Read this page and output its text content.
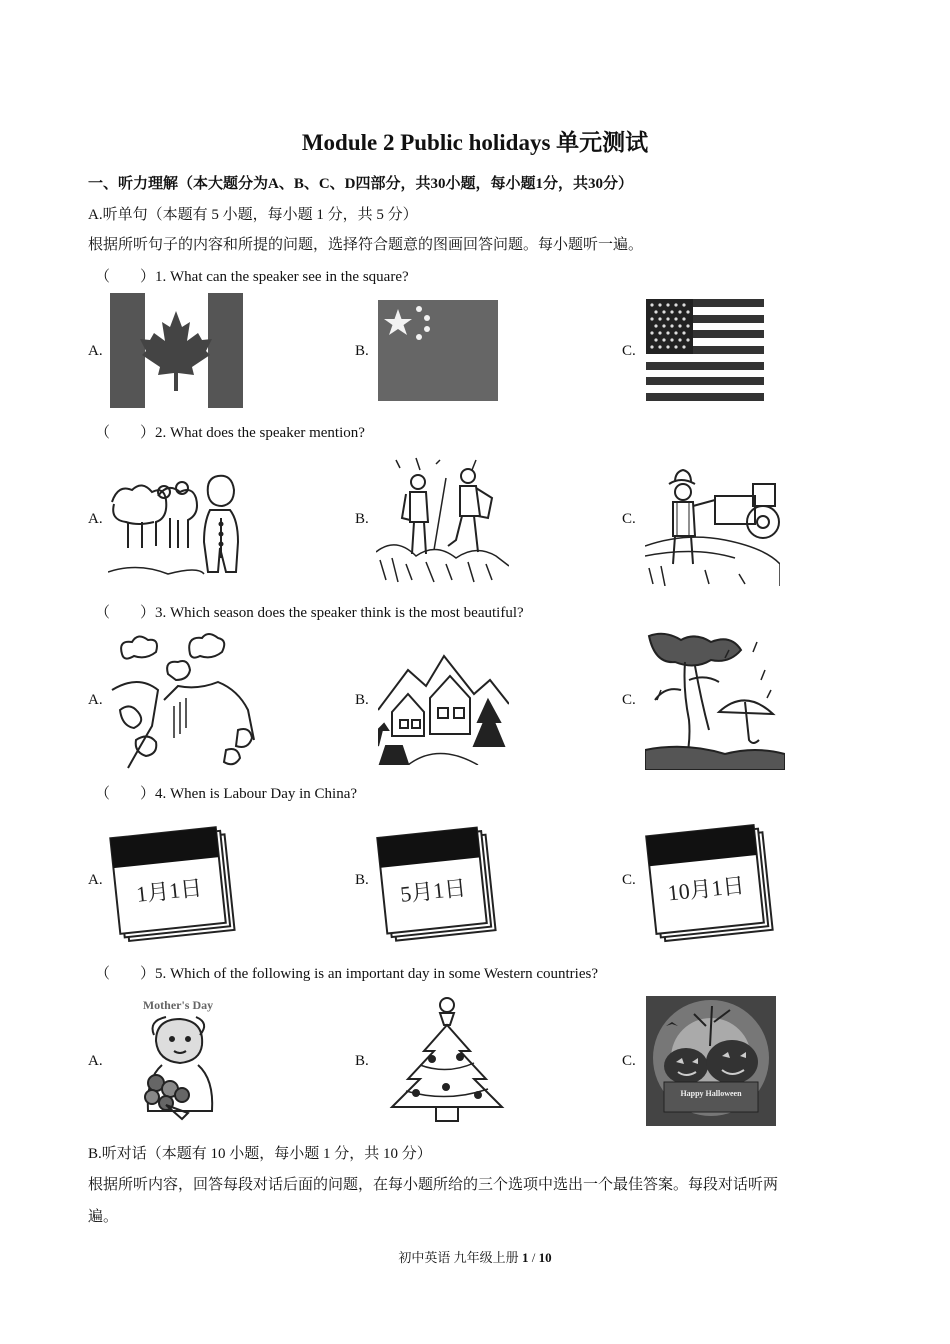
Module 2 Public holidays 单元测试
一、听力理解（本大题分为A、B、C、D四部分，共30小题，每小题1分，共30分）
A.听单句（本题有 5 小题，每小题 1 分，共 5 分）
根据所听句子的内容和所提的问题，选择符合题意的图画回答问题。每小题听一遍。
（　　）1. What can the speaker see in the square?
A.	B.	C.
（　　）2. What does the speaker mention?
A.	B.	C.
（　　）3. Which season does the speaker think is the most beautiful?
A.	B.	C.
（　　）4. When is Labour Day in China?
A.	B.	C.
1月1日	5月1日	10月1日
（　　）5. Which of the following is an important day in some Western countries?
A.	B.	C.
Mother's Day
Happy Halloween
B.听对话（本题有 10 小题，每小题 1 分，共 10 分）
根据所听内容，回答每段对话后面的问题，在每小题所给的三个选项中选出一个最佳答案。每段对话听两
遍。
初中英语 九年级上册 1 / 10
